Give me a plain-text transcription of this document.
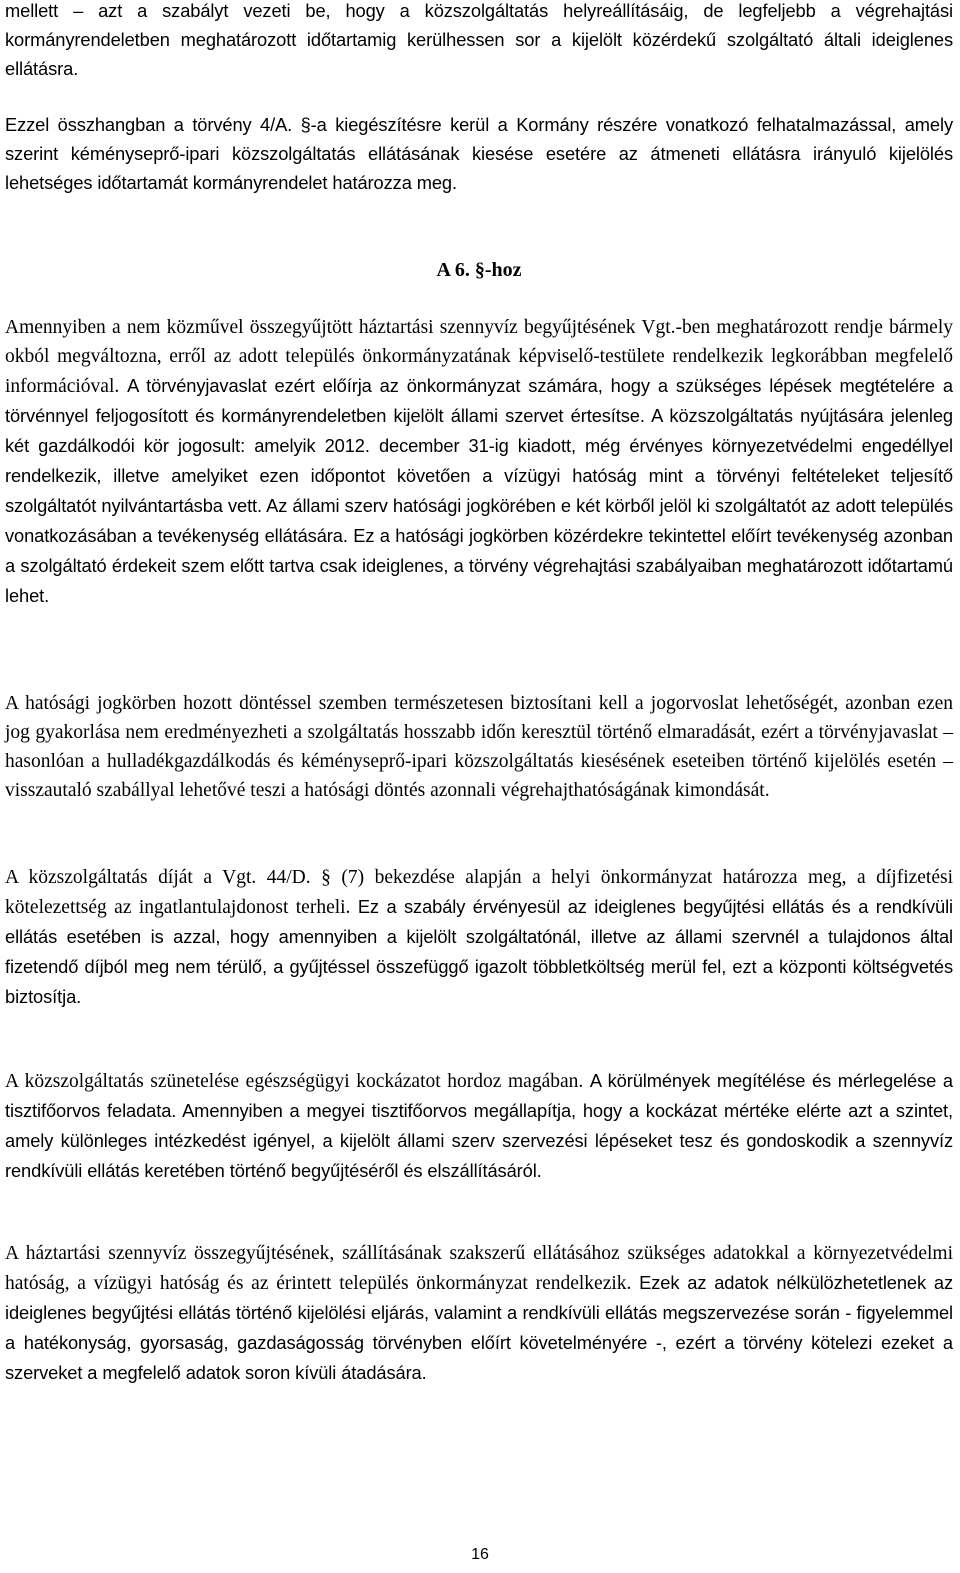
mellett – azt a szabályt vezeti be, hogy a közszolgáltatás helyreállításáig, de legfeljebb a végrehajtási kormányrendeletben meghatározott időtartamig kerülhessen sor a kijelölt közérdekű szolgáltató általi ideiglenes ellátásra.

Ezzel összhangban a törvény 4/A. §-a kiegészítésre kerül a Kormány részére vonatkozó felhatalmazással, amely szerint kéményseprő-ipari közszolgáltatás ellátásának kiesése esetére az átmeneti ellátásra irányuló kijelölés lehetséges időtartamát kormányrendelet határozza meg.

A 6. §-hoz

Amennyiben a nem közművel összegyűjtött háztartási szennyvíz begyűjtésének Vgt.-ben meghatározott rendje bármely okból megváltozna, erről az adott település önkormányzatának képviselő-testülete rendelkezik legkorábban megfelelő információval. A törvényjavaslat ezért előírja az önkormányzat számára, hogy a szükséges lépések megtételére a törvénnyel feljogosított és kormányrendeletben kijelölt állami szervet értesítse. A közszolgáltatás nyújtására jelenleg két gazdálkodói kör jogosult: amelyik 2012. december 31-ig kiadott, még érvényes környezetvédelmi engedéllyel rendelkezik, illetve amelyiket ezen időpontot követően a vízügyi hatóság mint a törvényi feltételeket teljesítő szolgáltatót nyilvántartásba vett. Az állami szerv hatósági jogkörében e két körből jelöl ki szolgáltatót az adott település vonatkozásában a tevékenység ellátására. Ez a hatósági jogkörben közérdekre tekintettel előírt tevékenység azonban a szolgáltató érdekeit szem előtt tartva csak ideiglenes, a törvény végrehajtási szabályaiban meghatározott időtartamú lehet.

A hatósági jogkörben hozott döntéssel szemben természetesen biztosítani kell a jogorvoslat lehetőségét, azonban ezen jog gyakorlása nem eredményezheti a szolgáltatás hosszabb időn keresztül történő elmaradását, ezért a törvényjavaslat – hasonlóan a hulladékgazdálkodás és kéményseprő-ipari közszolgáltatás kiesésének eseteiben történő kijelölés esetén – visszautaló szabállyal lehetővé teszi a hatósági döntés azonnali végrehajthatóságának kimondását.

A közszolgáltatás díját a Vgt. 44/D. § (7) bekezdése alapján a helyi önkormányzat határozza meg, a díjfizetési kötelezettség az ingatlantulajdonost terheli. Ez a szabály érvényesül az ideiglenes begyűjtési ellátás és a rendkívüli ellátás esetében is azzal, hogy amennyiben a kijelölt szolgáltatónál, illetve az állami szervnél a tulajdonos által fizetendő díjból meg nem térülő, a gyűjtéssel összefüggő igazolt többletköltség merül fel, ezt a központi költségvetés biztosítja.

A közszolgáltatás szünetelése egészségügyi kockázatot hordoz magában. A körülmények megítélése és mérlegelése a tisztifőorvos feladata. Amennyiben a megyei tisztifőorvos megállapítja, hogy a kockázat mértéke elérte azt a szintet, amely különleges intézkedést igényel, a kijelölt állami szerv szervezési lépéseket tesz és gondoskodik a szennyvíz rendkívüli ellátás keretében történő begyűjtéséről és elszállításáról.

A háztartási szennyvíz összegyűjtésének, szállításának szakszerű ellátásához szükséges adatokkal a környezetvédelmi hatóság, a vízügyi hatóság és az érintett település önkormányzat rendelkezik. Ezek az adatok nélkülözhetetlenek az ideiglenes begyűjtési ellátás történő kijelölési eljárás, valamint a rendkívüli ellátás megszervezése során - figyelemmel a hatékonyság, gyorsaság, gazdaságosság törvényben előírt követelményére -, ezért a törvény kötelezi ezeket a szerveket a megfelelő adatok soron kívüli átadására.

16
